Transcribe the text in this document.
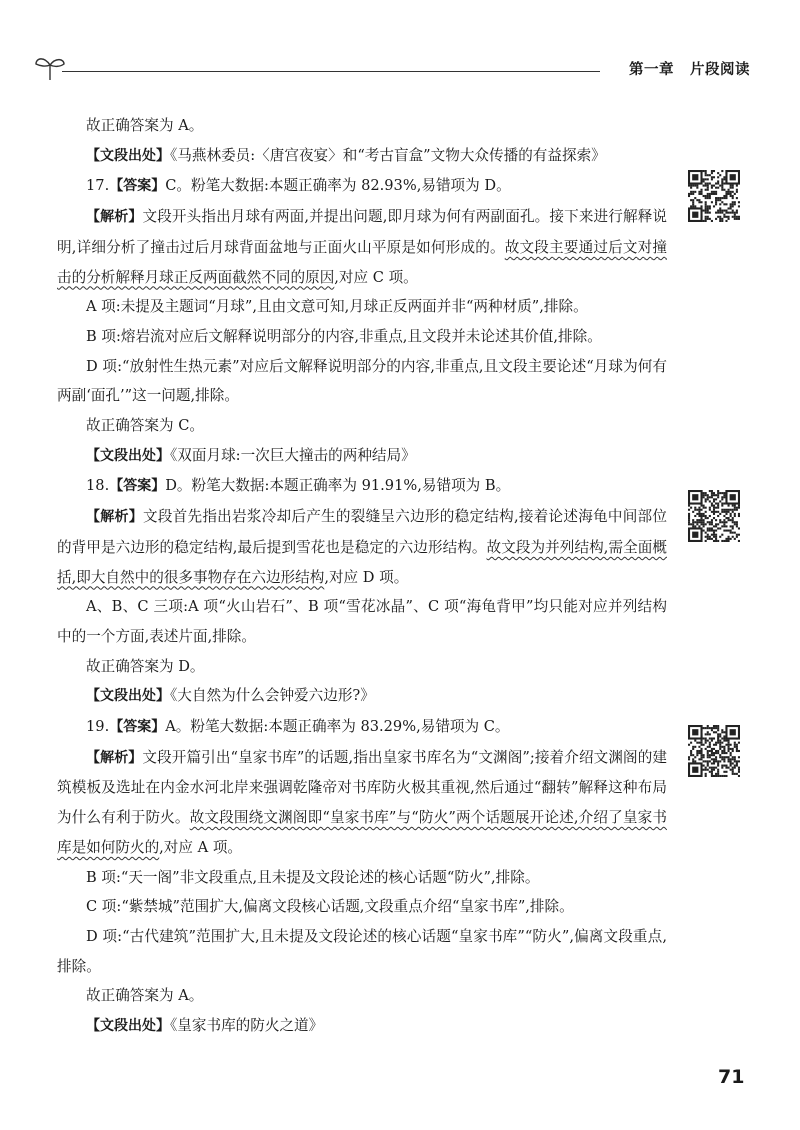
第一章 片段阅读

故正确答案为 A。

【文段出处】《马燕林委员:〈唐宫夜宴〉和“考古盲盒”文物大众传播的有益探索》

17.【答案】C。粉笔大数据:本题正确率为 82.93%,易错项为 D。

【解析】文段开头指出月球有两面,并提出问题,即月球为何有两副面孔。接下来进行解释说明,详细分析了撞击过后月球背面盆地与正面火山平原是如何形成的。故文段主要通过后文对撞击的分析解释月球正反两面截然不同的原因,对应 C 项。

A 项:未提及主题词“月球”,且由文意可知,月球正反两面并非“两种材质”,排除。

B 项:熔岩流对应后文解释说明部分的内容,非重点,且文段并未论述其价值,排除。

D 项:“放射性生热元素”对应后文解释说明部分的内容,非重点,且文段主要论述“月球为何有两副‘面孔’”这一问题,排除。

故正确答案为 C。

【文段出处】《双面月球:一次巨大撞击的两种结局》

18.【答案】D。粉笔大数据:本题正确率为 91.91%,易错项为 B。

【解析】文段首先指出岩浆冷却后产生的裂缝呈六边形的稳定结构,接着论述海龟中间部位的背甲是六边形的稳定结构,最后提到雪花也是稳定的六边形结构。故文段为并列结构,需全面概括,即大自然中的很多事物存在六边形结构,对应 D 项。

A、B、C 三项:A 项“火山岩石”、B 项“雪花冰晶”、C 项“海龟背甲”均只能对应并列结构中的一个方面,表述片面,排除。

故正确答案为 D。

【文段出处】《大自然为什么会钟爱六边形?》

19.【答案】A。粉笔大数据:本题正确率为 83.29%,易错项为 C。

【解析】文段开篇引出“皇家书库”的话题,指出皇家书库名为“文渊阁”;接着介绍文渊阁的建筑模板及选址在内金水河北岸来强调乾隆帝对书库防火极其重视,然后通过“翻转”解释这种布局为什么有利于防火。故文段围绕文渊阁即“皇家书库”与“防火”两个话题展开论述,介绍了皇家书库是如何防火的,对应 A 项。

B 项:“天一阁”非文段重点,且未提及文段论述的核心话题“防火”,排除。

C 项:“紫禁城”范围扩大,偏离文段核心话题,文段重点介绍“皇家书库”,排除。

D 项:“古代建筑”范围扩大,且未提及文段论述的核心话题“皇家书库”“防火”,偏离文段重点,排除。

故正确答案为 A。

【文段出处】《皇家书库的防火之道》

71
